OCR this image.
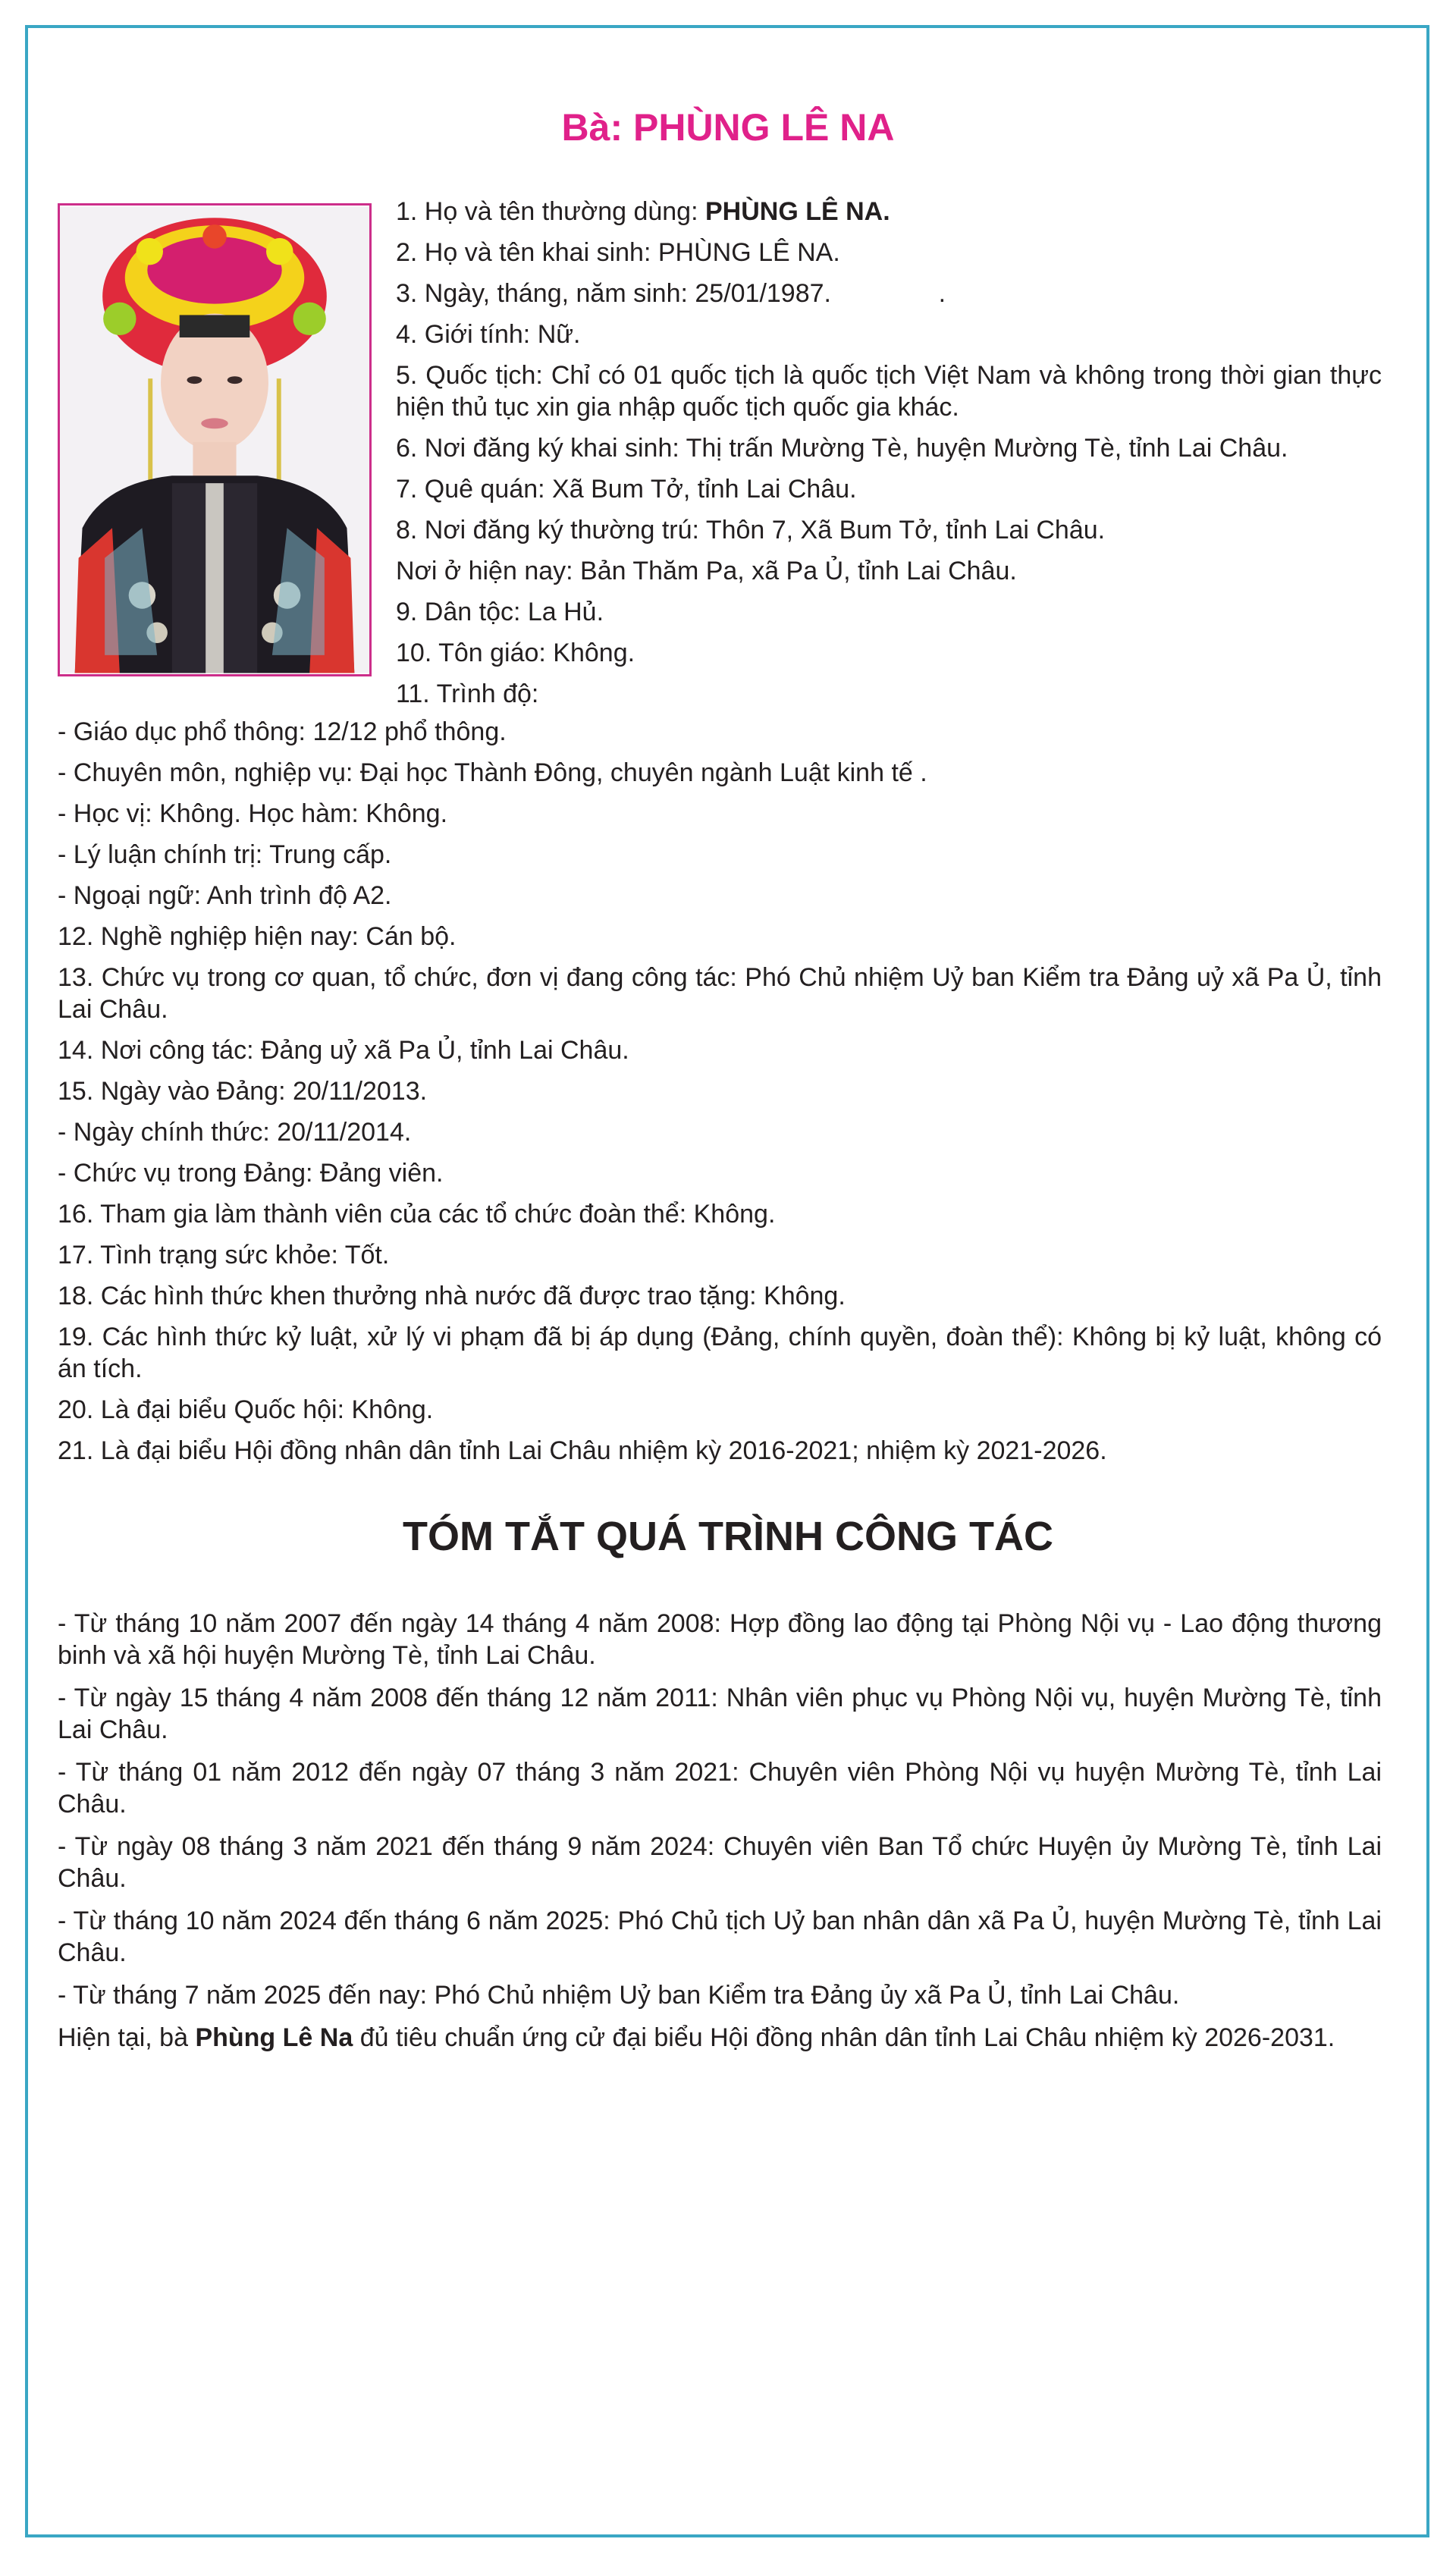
Bà: PHÙNG LÊ NA
1. Họ và tên thường dùng: PHÙNG LÊ NA.
2. Họ và tên khai sinh: PHÙNG LÊ NA.
3. Ngày, tháng, năm sinh: 25/01/1987.               .
4. Giới tính: Nữ.
5. Quốc tịch: Chỉ có 01 quốc tịch là quốc tịch Việt Nam và không trong thời gian thực hiện thủ tục xin gia nhập quốc tịch quốc gia khác.
6. Nơi đăng ký khai sinh: Thị trấn Mường Tè, huyện Mường Tè, tỉnh Lai Châu.
7. Quê quán: Xã Bum Tở, tỉnh Lai Châu.
8. Nơi đăng ký thường trú: Thôn 7, Xã Bum Tở, tỉnh Lai Châu.
Nơi ở hiện nay: Bản Thăm Pa, xã Pa Ủ, tỉnh Lai Châu.
9. Dân tộc: La Hủ.
10. Tôn giáo: Không.
11. Trình độ:
- Giáo dục phổ thông: 12/12 phổ thông.
- Chuyên môn, nghiệp vụ: Đại học Thành Đông, chuyên ngành Luật kinh tế .
- Học vị: Không. Học hàm: Không.
- Lý luận chính trị: Trung cấp.
- Ngoại ngữ: Anh trình độ A2.
12. Nghề nghiệp hiện nay: Cán bộ.
13. Chức vụ trong cơ quan, tổ chức, đơn vị đang công tác: Phó Chủ nhiệm Uỷ ban Kiểm tra Đảng uỷ xã Pa Ủ, tỉnh Lai Châu.
14. Nơi công tác: Đảng uỷ xã Pa Ủ, tỉnh Lai Châu.
15. Ngày vào Đảng: 20/11/2013.
- Ngày chính thức: 20/11/2014.
- Chức vụ trong Đảng: Đảng viên.
16. Tham gia làm thành viên của các tổ chức đoàn thể: Không.
17. Tình trạng sức khỏe: Tốt.
18. Các hình thức khen thưởng nhà nước đã được trao tặng: Không.
19. Các hình thức kỷ luật, xử lý vi phạm đã bị áp dụng (Đảng, chính quyền, đoàn thể): Không bị kỷ luật, không có án tích.
20. Là đại biểu Quốc hội: Không.
21. Là đại biểu Hội đồng nhân dân tỉnh Lai Châu nhiệm kỳ 2016-2021; nhiệm kỳ 2021-2026.
TÓM TẮT QUÁ TRÌNH CÔNG TÁC
- Từ tháng 10 năm 2007 đến ngày 14 tháng 4 năm 2008: Hợp đồng lao động tại Phòng Nội vụ - Lao động thương binh và xã hội huyện Mường Tè, tỉnh Lai Châu.
- Từ ngày 15 tháng 4 năm 2008 đến tháng 12 năm 2011: Nhân viên phục vụ Phòng Nội vụ, huyện Mường Tè, tỉnh Lai Châu.
- Từ tháng 01 năm 2012 đến ngày 07 tháng 3 năm 2021: Chuyên viên Phòng Nội vụ huyện Mường Tè, tỉnh Lai Châu.
- Từ ngày 08 tháng 3 năm 2021 đến tháng 9 năm 2024: Chuyên viên Ban Tổ chức Huyện ủy Mường Tè, tỉnh Lai Châu.
- Từ tháng 10 năm 2024 đến tháng 6 năm 2025: Phó Chủ tịch Uỷ ban nhân dân xã Pa Ủ, huyện Mường Tè, tỉnh Lai Châu.
- Từ tháng 7 năm 2025 đến nay: Phó Chủ nhiệm Uỷ ban Kiểm tra Đảng ủy xã Pa Ủ, tỉnh Lai Châu.
Hiện tại, bà Phùng Lê Na đủ tiêu chuẩn ứng cử đại biểu Hội đồng nhân dân tỉnh Lai Châu nhiệm kỳ 2026-2031.
